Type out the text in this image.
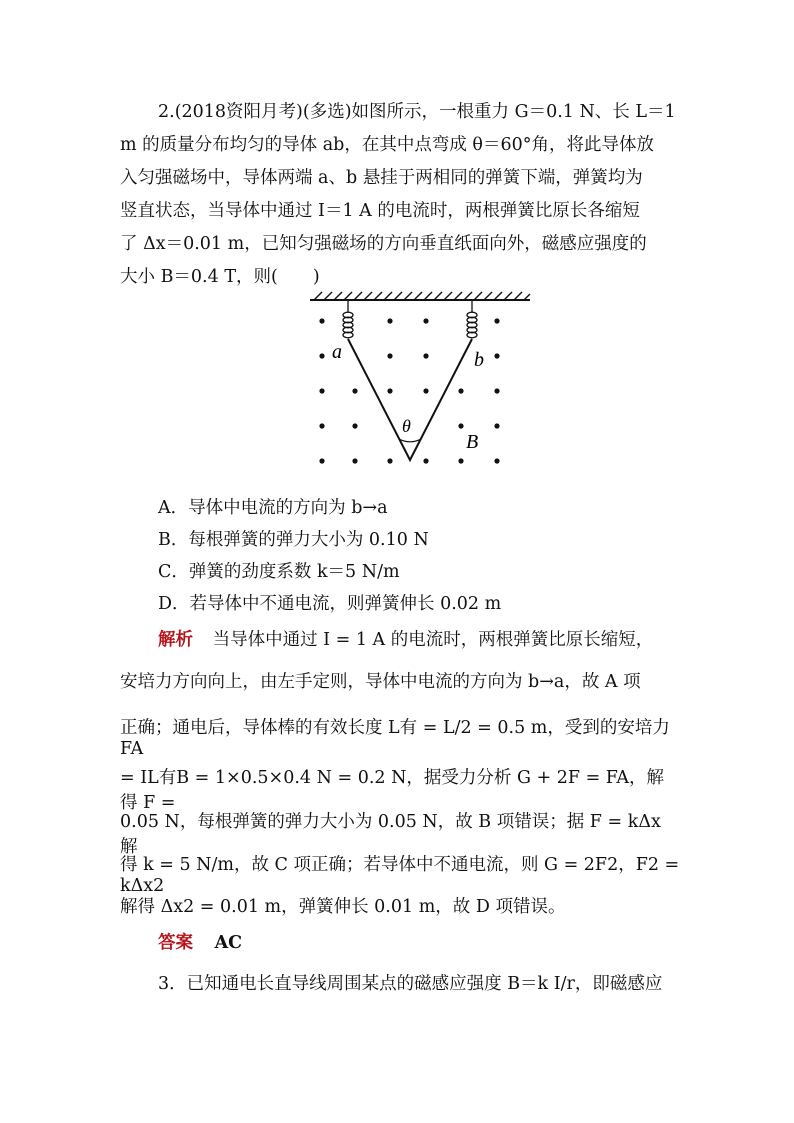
2.(2018资阳月考)(多选)如图所示，一根重力 G＝0.1 N、长 L＝1
m 的质量分布均匀的导体 ab，在其中点弯成 θ＝60°角，将此导体放
入匀强磁场中，导体两端 a、b 悬挂于两相同的弹簧下端，弹簧均为
竖直状态，当导体中通过 I＝1 A 的电流时，两根弹簧比原长各缩短
了 Δx＝0.01 m，已知匀强磁场的方向垂直纸面向外，磁感应强度的
大小 B＝0.4 T，则(　　)
a	b
θ
B
A．导体中电流的方向为 b→a
B．每根弹簧的弹力大小为 0.10 N
C．弹簧的劲度系数 k＝5 N/m
D．若导体中不通电流，则弹簧伸长 0.02 m
解析 当导体中通过 I = 1 A 的电流时，两根弹簧比原长缩短，
安培力方向向上，由左手定则，导体中电流的方向为 b→a，故 A 项
正确；通电后，导体棒的有效长度 L有 = L/2 = 0.5 m，受到的安培力 FA
= IL有B = 1×0.5×0.4 N = 0.2 N，据受力分析 G + 2F = FA，解得 F =
0.05 N，每根弹簧的弹力大小为 0.05 N，故 B 项错误；据 F = kΔx 解
得 k = 5 N/m，故 C 项正确；若导体中不通电流，则 G = 2F2，F2 = kΔx2
解得 Δx2 = 0.01 m，弹簧伸长 0.01 m，故 D 项错误。
答案 AC
3．已知通电长直导线周围某点的磁感应强度 B＝k I/r，即磁感应
